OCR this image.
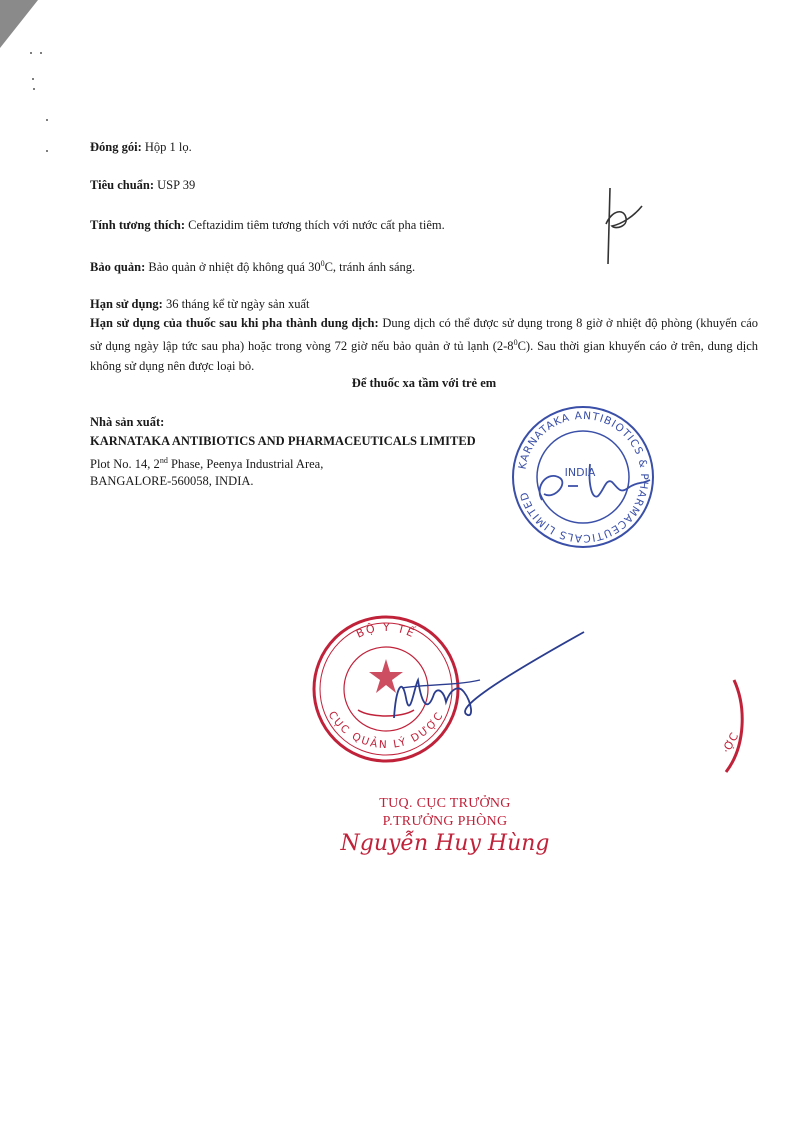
Đóng gói: Hộp 1 lọ.
Tiêu chuẩn: USP 39
Tính tương thích: Ceftazidim tiêm tương thích với nước cất pha tiêm.
Bảo quản: Bảo quản ở nhiệt độ không quá $30^0C$, tránh ánh sáng.
Hạn sử dụng: 36 tháng kể từ ngày sản xuất
Hạn sử dụng của thuốc sau khi pha thành dung dịch: Dung dịch có thể được sử dụng trong 8 giờ ở nhiệt độ phòng (khuyến cáo sử dụng ngày lập tức sau pha) hoặc trong vòng 72 giờ nếu bảo quản ở tủ lạnh $(2-8^0C)$. Sau thời gian khuyến cáo ở trên, dung dịch không sử dụng nên được loại bỏ.
Để thuốc xa tầm với trẻ em
Nhà sản xuất:
KARNATAKA ANTIBIOTICS AND PHARMACEUTICALS LIMITED
Plot No. 14, 2nd Phase, Peenya Industrial Area,
BANGALORE-560058, INDIA.
KARNATAKA ANTIBIOTICS & PHARMACEUTICALS LIMITED
INDIA
BỘ Y TẾ
CỤC QUẢN LÝ DƯỢC
·ỢC
TUQ. CỤC TRƯỞNG
P.TRƯỞNG PHÒNG
Nguyễn Huy Hùng
